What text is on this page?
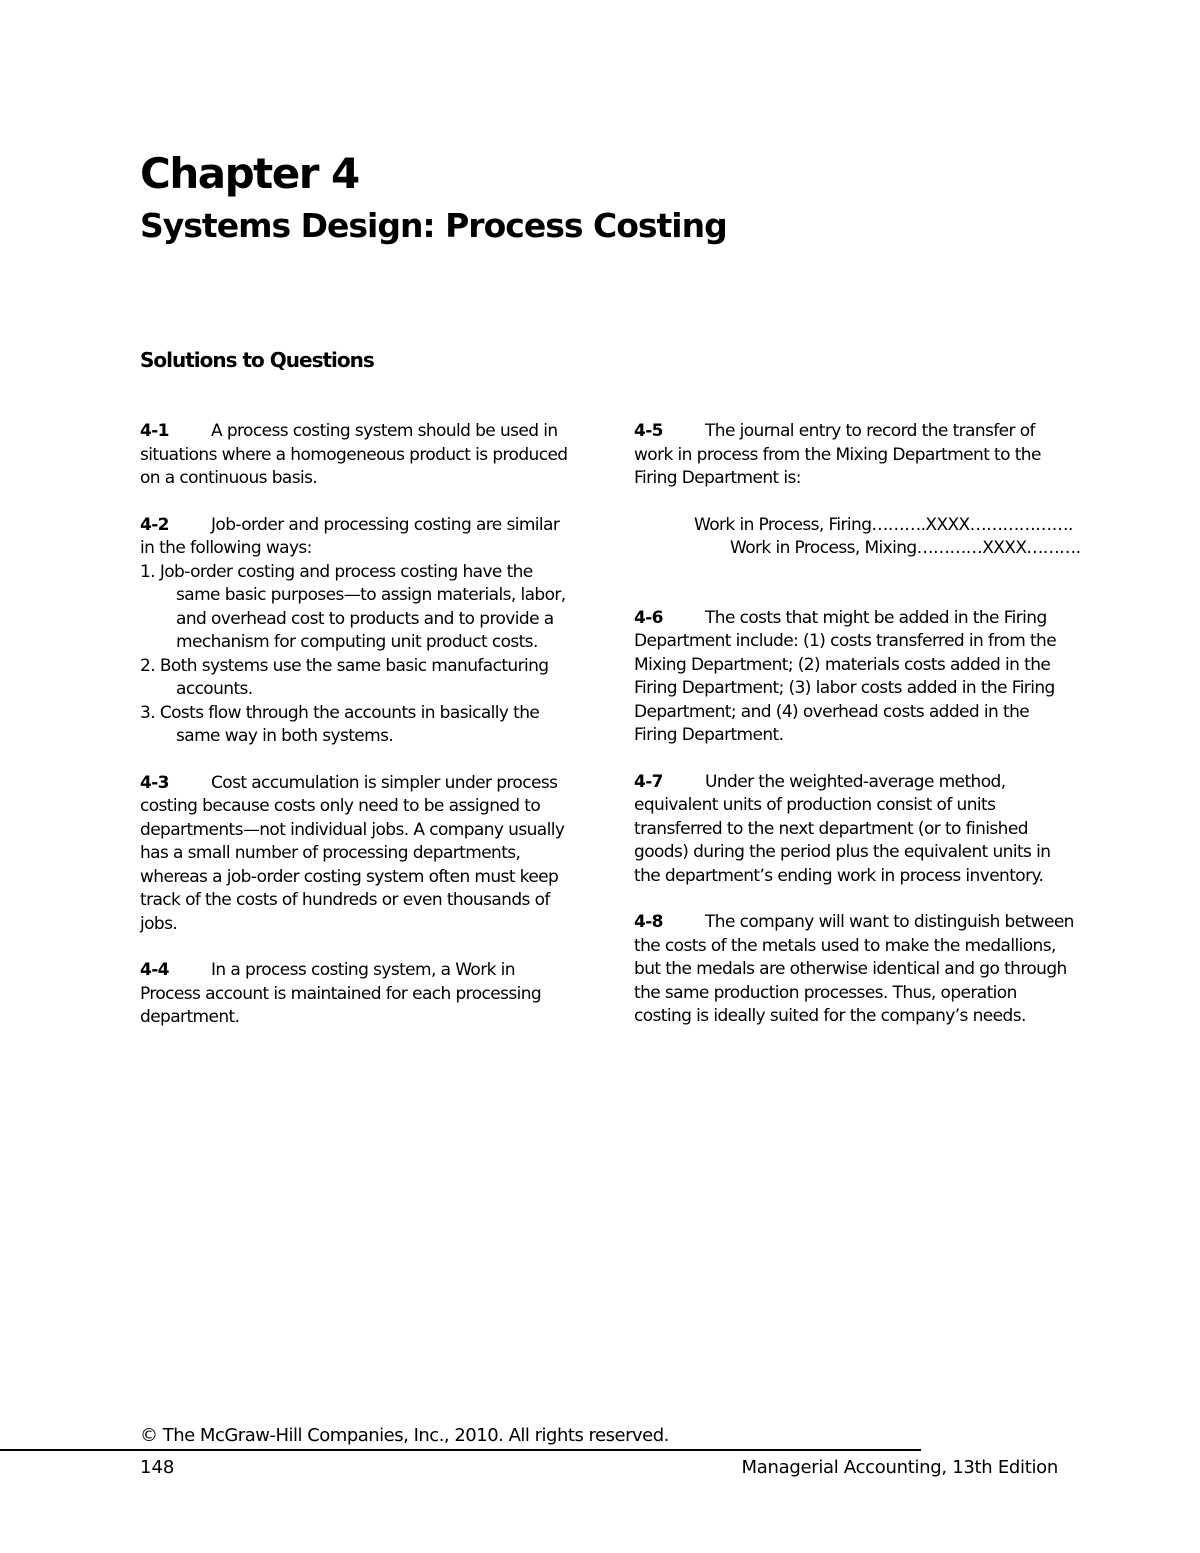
Chapter 4
Systems Design: Process Costing
Solutions to Questions

4-1 A process costing system should be used in situations where a homogeneous product is produced on a continuous basis.

4-2 Job-order and processing costing are similar in the following ways:
1. Job-order costing and process costing have the same basic purposes—to assign materials, labor, and overhead cost to products and to provide a mechanism for computing unit product costs.
2. Both systems use the same basic manufacturing accounts.
3. Costs flow through the accounts in basically the same way in both systems.

4-3 Cost accumulation is simpler under process costing because costs only need to be assigned to departments—not individual jobs. A company usually has a small number of processing departments, whereas a job-order costing system often must keep track of the costs of hundreds or even thousands of jobs.

4-4 In a process costing system, a Work in Process account is maintained for each processing department.

4-5 The journal entry to record the transfer of work in process from the Mixing Department to the Firing Department is:

Work in Process, Firing……….XXXX……………….
Work in Process, Mixing…………XXXX……….

4-6 The costs that might be added in the Firing Department include: (1) costs transferred in from the Mixing Department; (2) materials costs added in the Firing Department; (3) labor costs added in the Firing Department; and (4) overhead costs added in the Firing Department.

4-7 Under the weighted-average method, equivalent units of production consist of units transferred to the next department (or to finished goods) during the period plus the equivalent units in the department’s ending work in process inventory.

4-8 The company will want to distinguish between the costs of the metals used to make the medallions, but the medals are otherwise identical and go through the same production processes. Thus, operation costing is ideally suited for the company’s needs.

© The McGraw-Hill Companies, Inc., 2010. All rights reserved.
148	Managerial Accounting, 13th Edition
